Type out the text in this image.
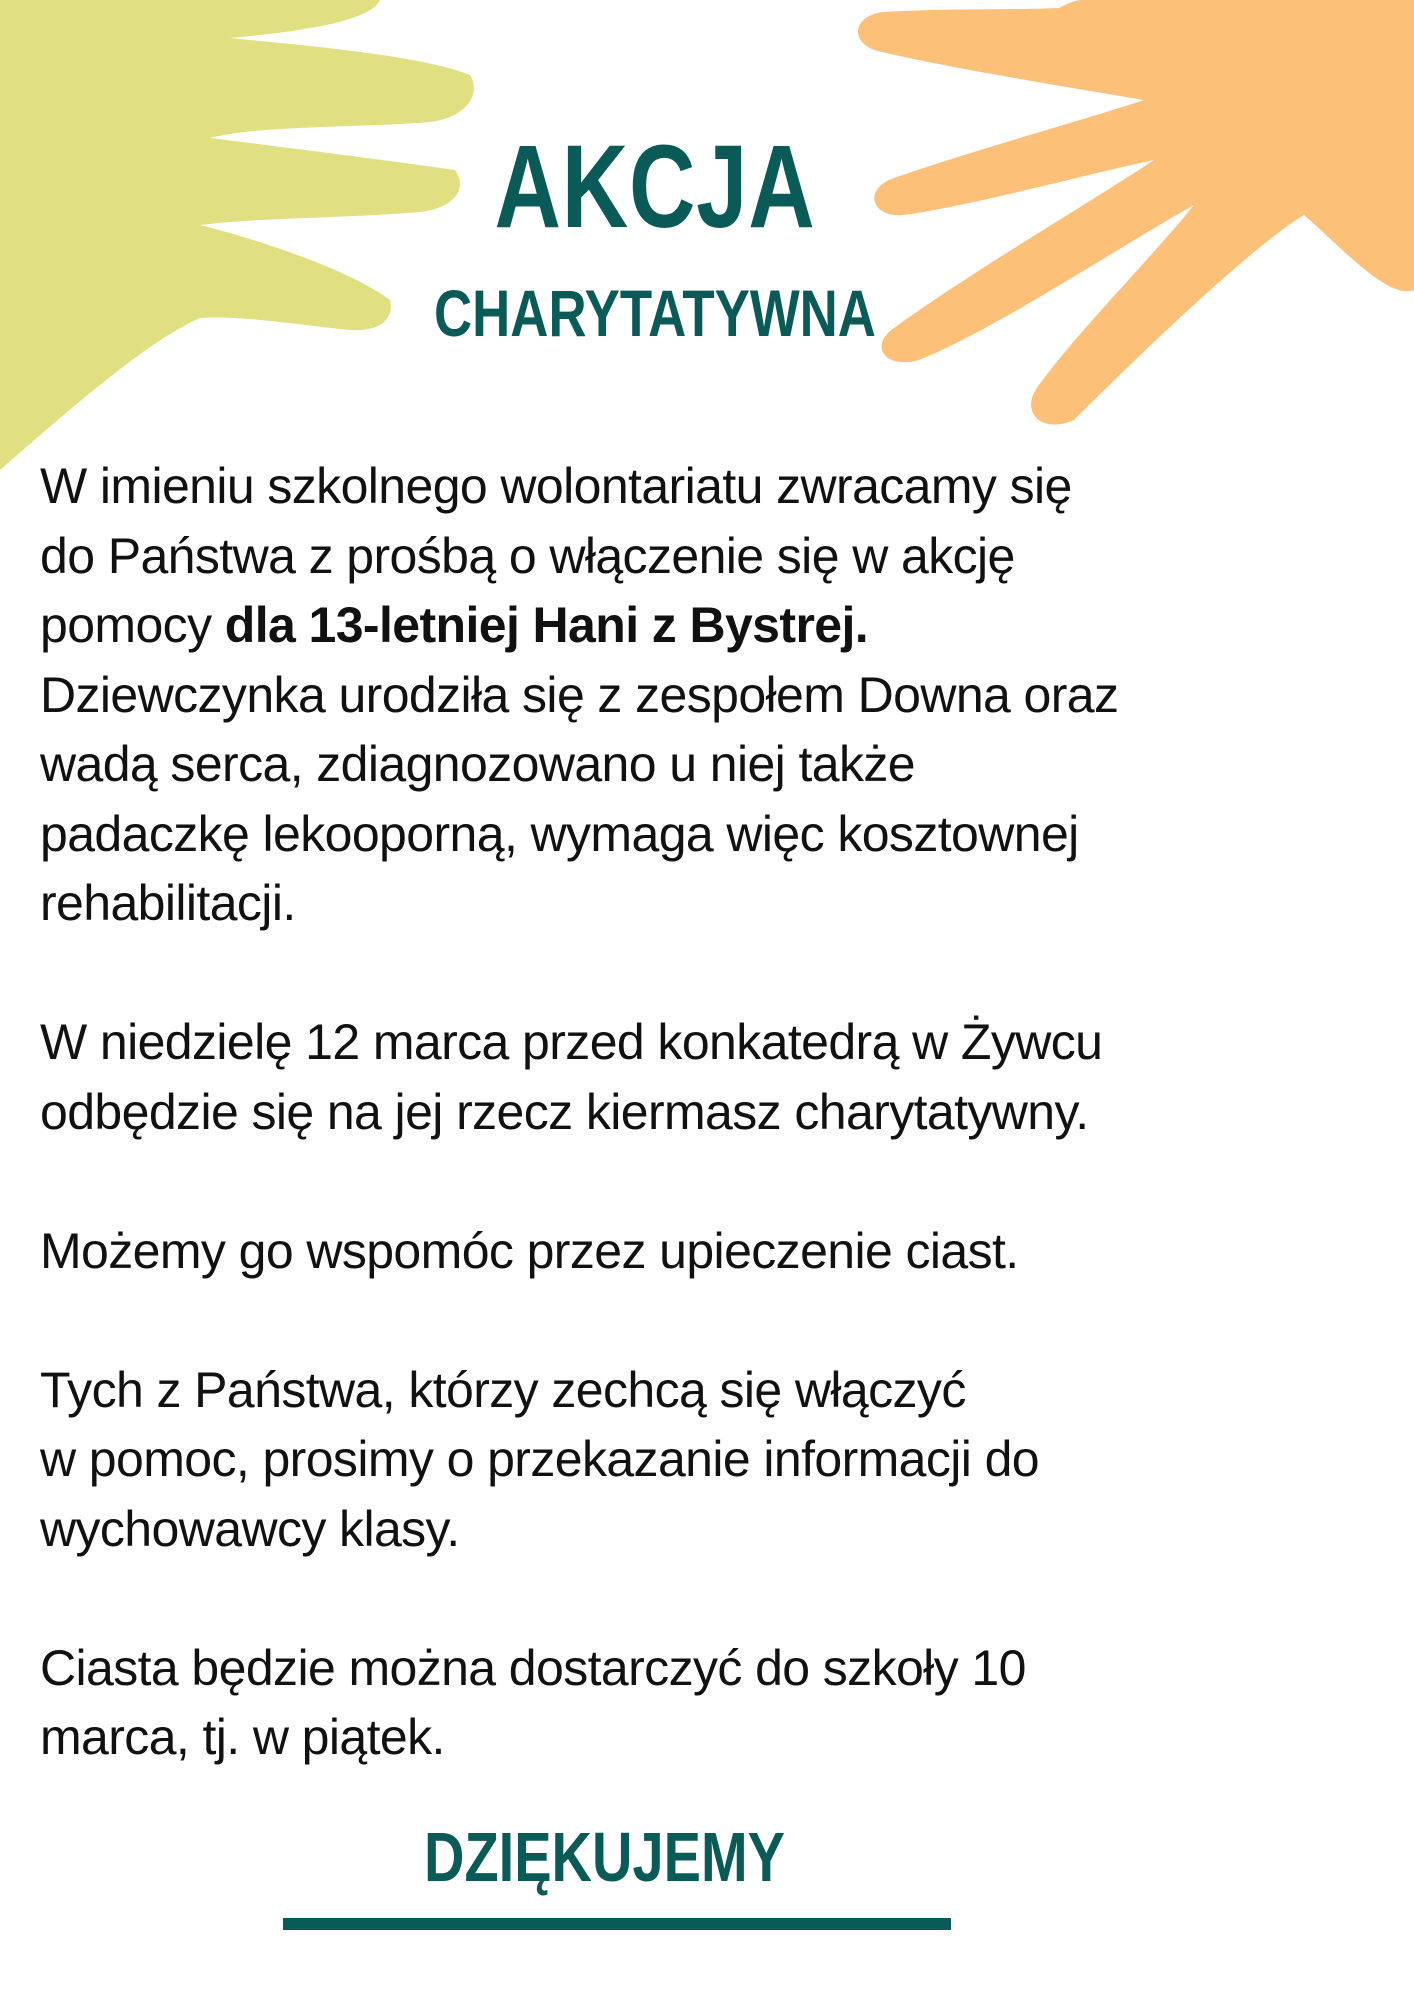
AKCJA
CHARYTATYWNA

W imieniu szkolnego wolontariatu zwracamy się
do Państwa z prośbą o włączenie się w akcję
pomocy dla 13-letniej Hani z Bystrej.
Dziewczynka urodziła się z zespołem Downa oraz
wadą serca, zdiagnozowano u niej także
padaczkę lekooporną, wymaga więc kosztownej
rehabilitacji.

W niedzielę 12 marca przed konkatedrą w Żywcu
odbędzie się na jej rzecz kiermasz charytatywny.

Możemy go wspomóc przez upieczenie ciast.

Tych z Państwa, którzy zechcą się włączyć
w pomoc, prosimy o przekazanie informacji do
wychowawcy klasy.

Ciasta będzie można dostarczyć do szkoły 10
marca, tj. w piątek.

DZIĘKUJEMY
